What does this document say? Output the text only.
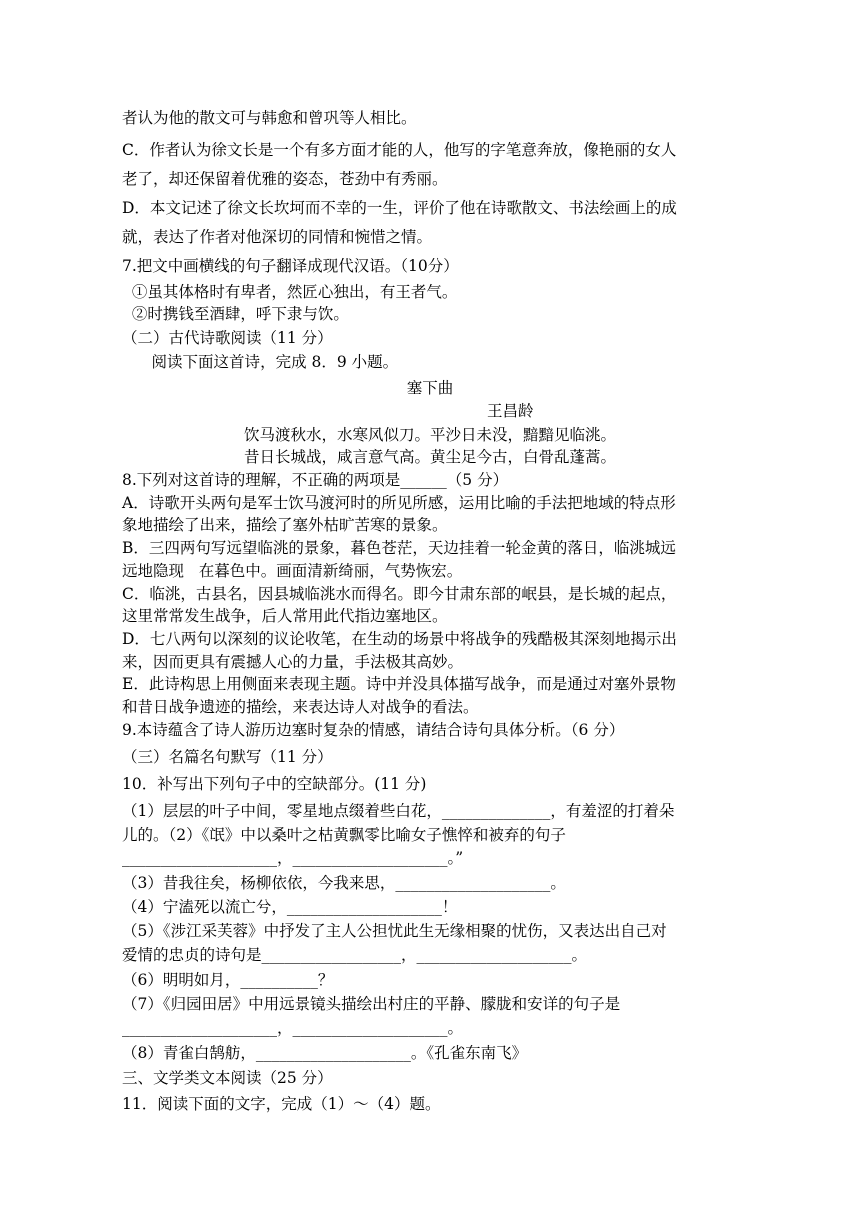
者认为他的散文可与韩愈和曾巩等人相比。
C．作者认为徐文长是一个有多方面才能的人，他写的字笔意奔放，像艳丽的女人
老了，却还保留着优雅的姿态，苍劲中有秀丽。
D．本文记述了徐文长坎坷而不幸的一生，评价了他在诗歌散文、书法绘画上的成
就，表达了作者对他深切的同情和惋惜之情。
7.把文中画横线的句子翻译成现代汉语。（10分）
①虽其体格时有卑者，然匠心独出，有王者气。
②时携钱至酒肆，呼下隶与饮。
（二）古代诗歌阅读（11 分）
阅读下面这首诗，完成 8．9 小题。
塞下曲
王昌龄
饮马渡秋水，水寒风似刀。平沙日未没，黯黯见临洮。
昔日长城战，咸言意气高。黄尘足今古，白骨乱蓬蒿。
8.下列对这首诗的理解，不正确的两项是______（5 分）
A．诗歌开头两句是军士饮马渡河时的所见所感，运用比喻的手法把地域的特点形
象地描绘了出来，描绘了塞外枯旷苦寒的景象。
B．三四两句写远望临洮的景象，暮色苍茫，天边挂着一轮金黄的落日，临洮城远
远地隐现   在暮色中。画面清新绮丽，气势恢宏。
C．临洮，古县名，因县城临洮水而得名。即今甘肃东部的岷县，是长城的起点，
这里常常发生战争，后人常用此代指边塞地区。
D．七八两句以深刻的议论收笔，在生动的场景中将战争的残酷极其深刻地揭示出
来，因而更具有震撼人心的力量，手法极其高妙。
E．此诗构思上用侧面来表现主题。诗中并没具体描写战争，而是通过对塞外景物
和昔日战争遗迹的描绘，来表达诗人对战争的看法。
9.本诗蕴含了诗人游历边塞时复杂的情感，请结合诗句具体分析。（6 分）
（三）名篇名句默写（11 分）
10．补写出下列句子中的空缺部分。(11 分)
（1）层层的叶子中间，零星地点缀着些白花，______________，有羞涩的打着朵
儿的。（2）《氓》中以桑叶之枯黄飘零比喻女子憔悴和被弃的句子
____________________，____________________。”
（3）昔我往矣，杨柳依依，今我来思，____________________。
（4）宁溘死以流亡兮，____________________！
（5）《涉江采芙蓉》中抒发了主人公担忧此生无缘相聚的忧伤，又表达出自己对
爱情的忠贞的诗句是__________________，____________________。
（6）明明如月，__________？
（7）《归园田居》中用远景镜头描绘出村庄的平静、朦胧和安详的句子是
____________________，____________________。
（8）青雀白鹄舫，____________________。《孔雀东南飞》
三、文学类文本阅读（25 分）
11．阅读下面的文字，完成（1）～（4）题。
